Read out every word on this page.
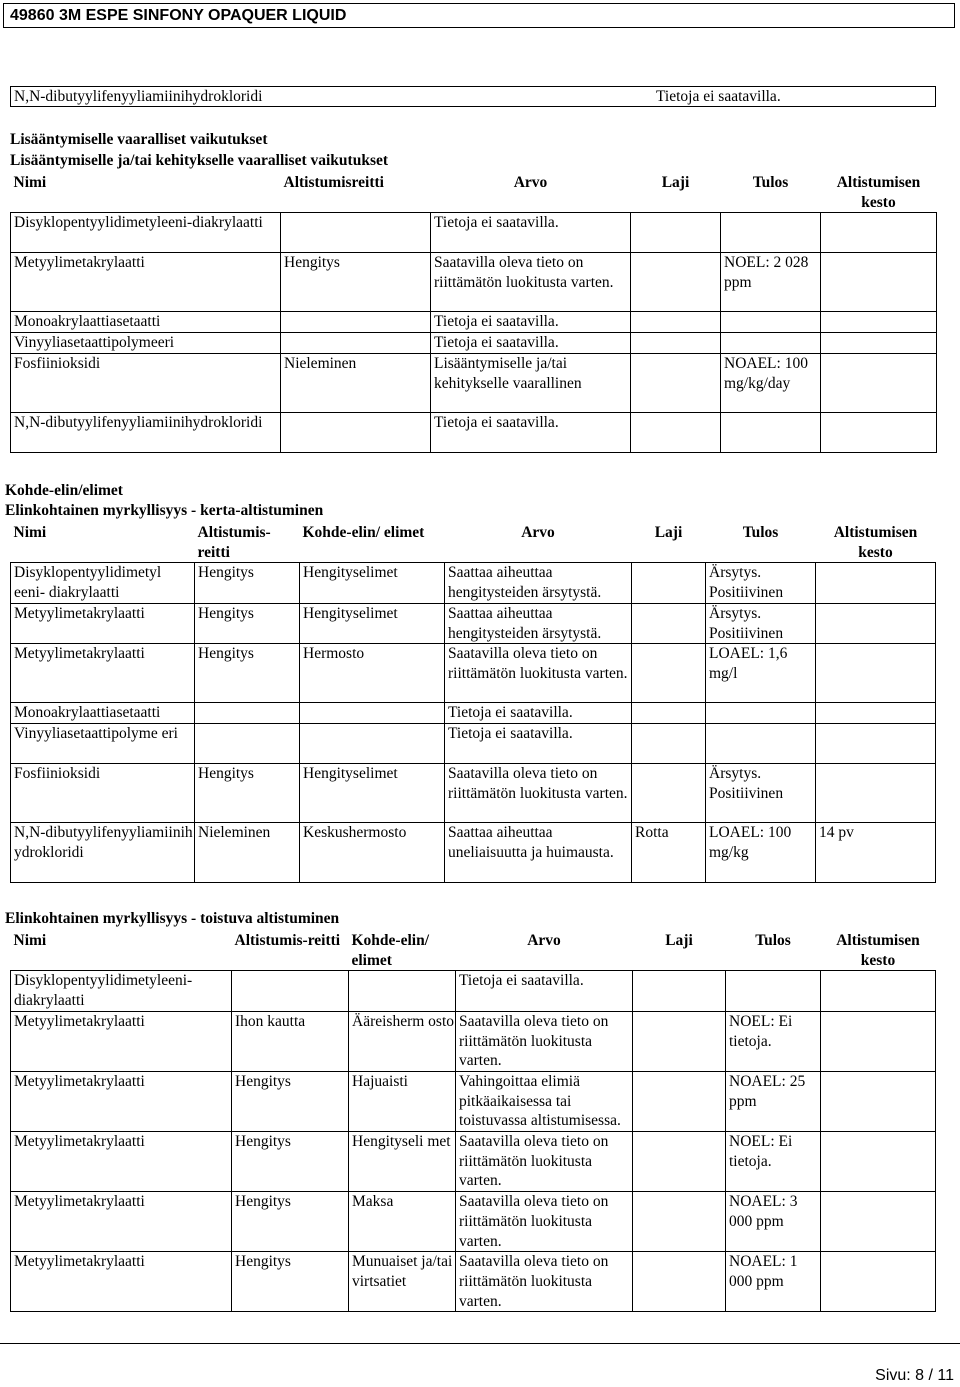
49860 3M ESPE SINFONY OPAQUER LIQUID
N,N-dibutyylifenyyliamiinihydrokloridi	Tietoja ei saatavilla.
Lisääntymiselle vaaralliset vaikutukset
Lisääntymiselle ja/tai kehitykselle vaaralliset vaikutukset
Nimi	Altistumisreitti	Arvo	Laji	Tulos	Altistumisen kesto
Disyklopentyylidimetyleeni-diakrylaatti		Tietoja ei saatavilla.			
Metyylimetakrylaatti	Hengitys	Saatavilla oleva tieto on riittämätön luokitusta varten.		NOEL: 2 028 ppm	
Monoakrylaattiasetaatti		Tietoja ei saatavilla.			
Vinyyliasetaattipolymeeri		Tietoja ei saatavilla.			
Fosfiinioksidi	Nieleminen	Lisääntymiselle ja/tai kehitykselle vaarallinen		NOAEL: 100 mg/kg/day	
N,N-dibutyylifenyyliamiinihydrokloridi		Tietoja ei saatavilla.			
Kohde-elin/elimet
Elinkohtainen myrkyllisyys - kerta-altistuminen
Nimi	Altistumis-reitti	Kohde-elin/ elimet	Arvo	Laji	Tulos	Altistumisen kesto
Disyklopentyylidimetyl eeni- diakrylaatti	Hengitys	Hengityselimet	Saattaa aiheuttaa hengitysteiden ärsytystä.		Ärsytys. Positiivinen	
Metyylimetakrylaatti	Hengitys	Hengityselimet	Saattaa aiheuttaa hengitysteiden ärsytystä.		Ärsytys. Positiivinen	
Metyylimetakrylaatti	Hengitys	Hermosto	Saatavilla oleva tieto on riittämätön luokitusta varten.		LOAEL: 1,6 mg/l	
Monoakrylaattiasetaatti			Tietoja ei saatavilla.			
Vinyyliasetaattipolyme eri			Tietoja ei saatavilla.			
Fosfiinioksidi	Hengitys	Hengityselimet	Saatavilla oleva tieto on riittämätön luokitusta varten.		Ärsytys. Positiivinen	
N,N-dibutyylifenyyliamiinih ydrokloridi	Nieleminen	Keskushermosto	Saattaa aiheuttaa uneliaisuutta ja huimausta.	Rotta	LOAEL: 100 mg/kg	14 pv
Elinkohtainen myrkyllisyys - toistuva altistuminen
Nimi	Altistumis-reitti	Kohde-elin/ elimet	Arvo	Laji	Tulos	Altistumisen kesto
Disyklopentyylidimetyleeni-diakrylaatti			Tietoja ei saatavilla.			
Metyylimetakrylaatti	Ihon kautta	Ääreisherm osto	Saatavilla oleva tieto on riittämätön luokitusta varten.		NOEL: Ei tietoja.	
Metyylimetakrylaatti	Hengitys	Hajuaisti	Vahingoittaa elimiä pitkäaikaisessa tai toistuvassa altistumisessa.		NOAEL: 25 ppm	
Metyylimetakrylaatti	Hengitys	Hengityseli met	Saatavilla oleva tieto on riittämätön luokitusta varten.		NOEL: Ei tietoja.	
Metyylimetakrylaatti	Hengitys	Maksa	Saatavilla oleva tieto on riittämätön luokitusta varten.		NOAEL: 3 000 ppm	
Metyylimetakrylaatti	Hengitys	Munuaiset ja/tai virtsatiet	Saatavilla oleva tieto on riittämätön luokitusta varten.		NOAEL: 1 000 ppm	
Sivu: 8 / 11
